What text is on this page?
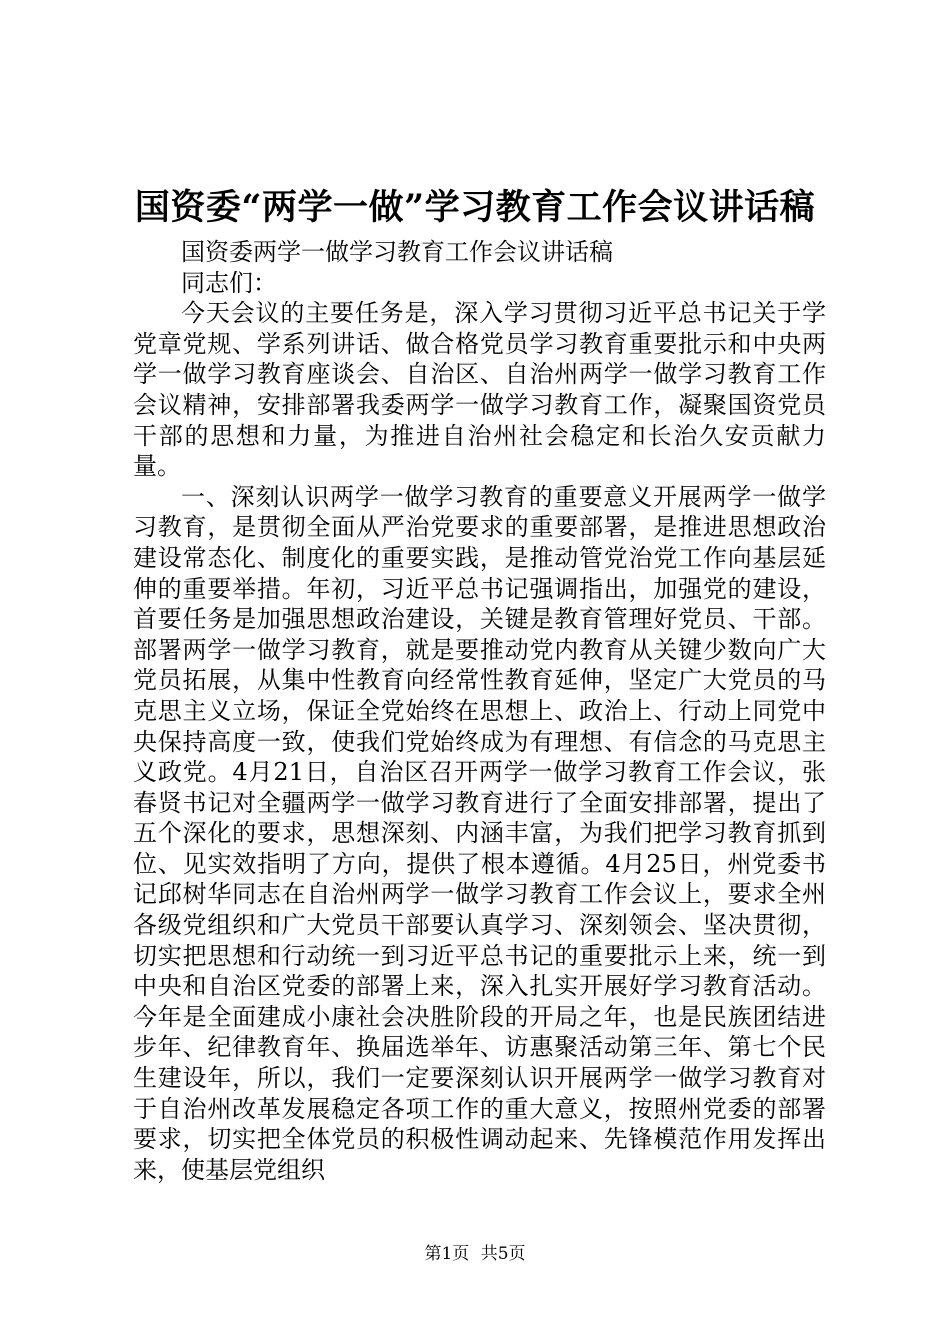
国资委“两学一做”学习教育工作会议讲话稿

国资委两学一做学习教育工作会议讲话稿

同志们：

今天会议的主要任务是，深入学习贯彻习近平总书记关于学党章党规、学系列讲话、做合格党员学习教育重要批示和中央两学一做学习教育座谈会、自治区、自治州两学一做学习教育工作会议精神，安排部署我委两学一做学习教育工作，凝聚国资党员干部的思想和力量，为推进自治州社会稳定和长治久安贡献力量。

一、深刻认识两学一做学习教育的重要意义开展两学一做学习教育，是贯彻全面从严治党要求的重要部署，是推进思想政治建设常态化、制度化的重要实践，是推动管党治党工作向基层延伸的重要举措。年初，习近平总书记强调指出，加强党的建设，首要任务是加强思想政治建设，关键是教育管理好党员、干部。部署两学一做学习教育，就是要推动党内教育从关键少数向广大党员拓展，从集中性教育向经常性教育延伸，坚定广大党员的马克思主义立场，保证全党始终在思想上、政治上、行动上同党中央保持高度一致，使我们党始终成为有理想、有信念的马克思主义政党。4月21日，自治区召开两学一做学习教育工作会议，张春贤书记对全疆两学一做学习教育进行了全面安排部署，提出了五个深化的要求，思想深刻、内涵丰富，为我们把学习教育抓到位、见实效指明了方向，提供了根本遵循。4月25日，州党委书记邱树华同志在自治州两学一做学习教育工作会议上，要求全州各级党组织和广大党员干部要认真学习、深刻领会、坚决贯彻，切实把思想和行动统一到习近平总书记的重要批示上来，统一到中央和自治区党委的部署上来，深入扎实开展好学习教育活动。今年是全面建成小康社会决胜阶段的开局之年，也是民族团结进步年、纪律教育年、换届选举年、访惠聚活动第三年、第七个民生建设年，所以，我们一定要深刻认识开展两学一做学习教育对于自治州改革发展稳定各项工作的重大意义，按照州党委的部署要求，切实把全体党员的积极性调动起来、先锋模范作用发挥出来，使基层党组织

第1页 共5页
